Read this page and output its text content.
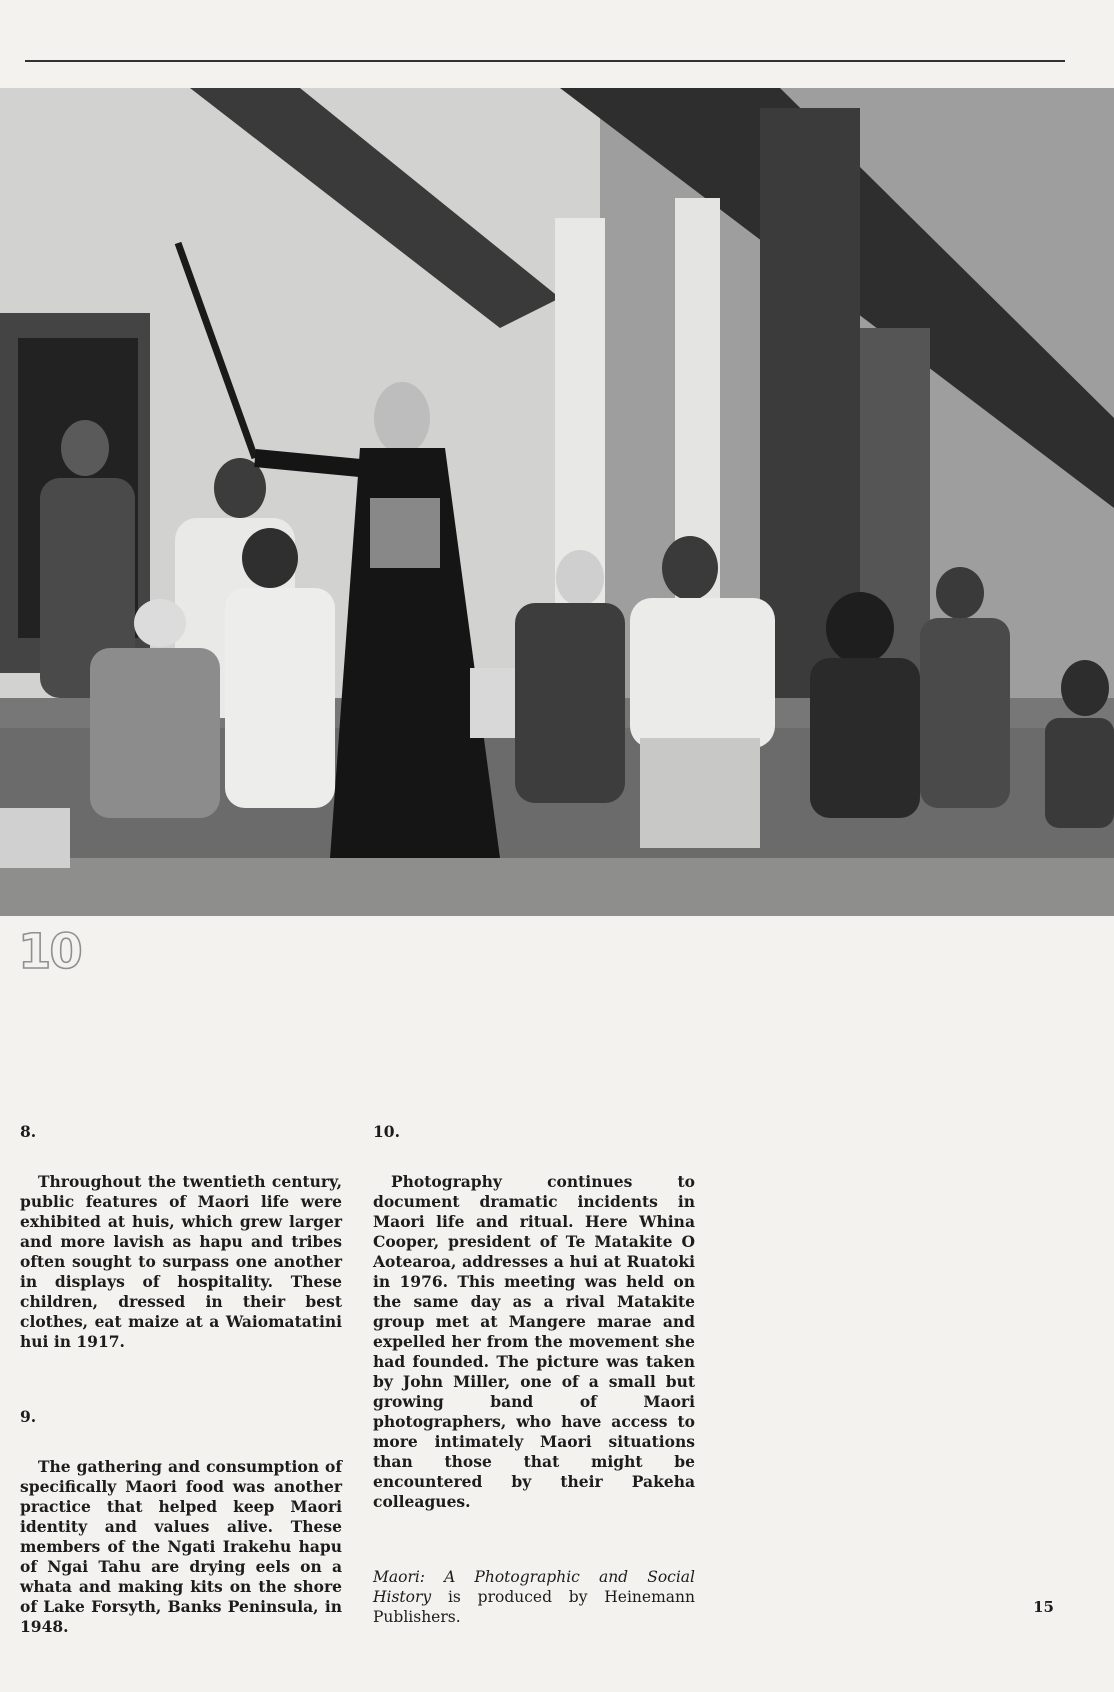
10

8.

Throughout the twentieth century, public features of Maori life were exhibited at huis, which grew larger and more lavish as hapu and tribes often sought to surpass one another in displays of hospitality. These children, dressed in their best clothes, eat maize at a Waiomatatini hui in 1917.

9.

The gathering and consumption of specifically Maori food was another practice that helped keep Maori identity and values alive. These members of the Ngati Irakehu hapu of Ngai Tahu are drying eels on a whata and making kits on the shore of Lake Forsyth, Banks Peninsula, in 1948.

10.

Photography continues to document dramatic incidents in Maori life and ritual. Here Whina Cooper, president of Te Matakite O Aotearoa, addresses a hui at Ruatoki in 1976. This meeting was held on the same day as a rival Matakite group met at Mangere marae and expelled her from the movement she had founded. The picture was taken by John Miller, one of a small but growing band of Maori photographers, who have access to more intimately Maori situations than those that might be encountered by their Pakeha colleagues.

Maori: A Photographic and Social History is produced by Heinemann Publishers.

15
